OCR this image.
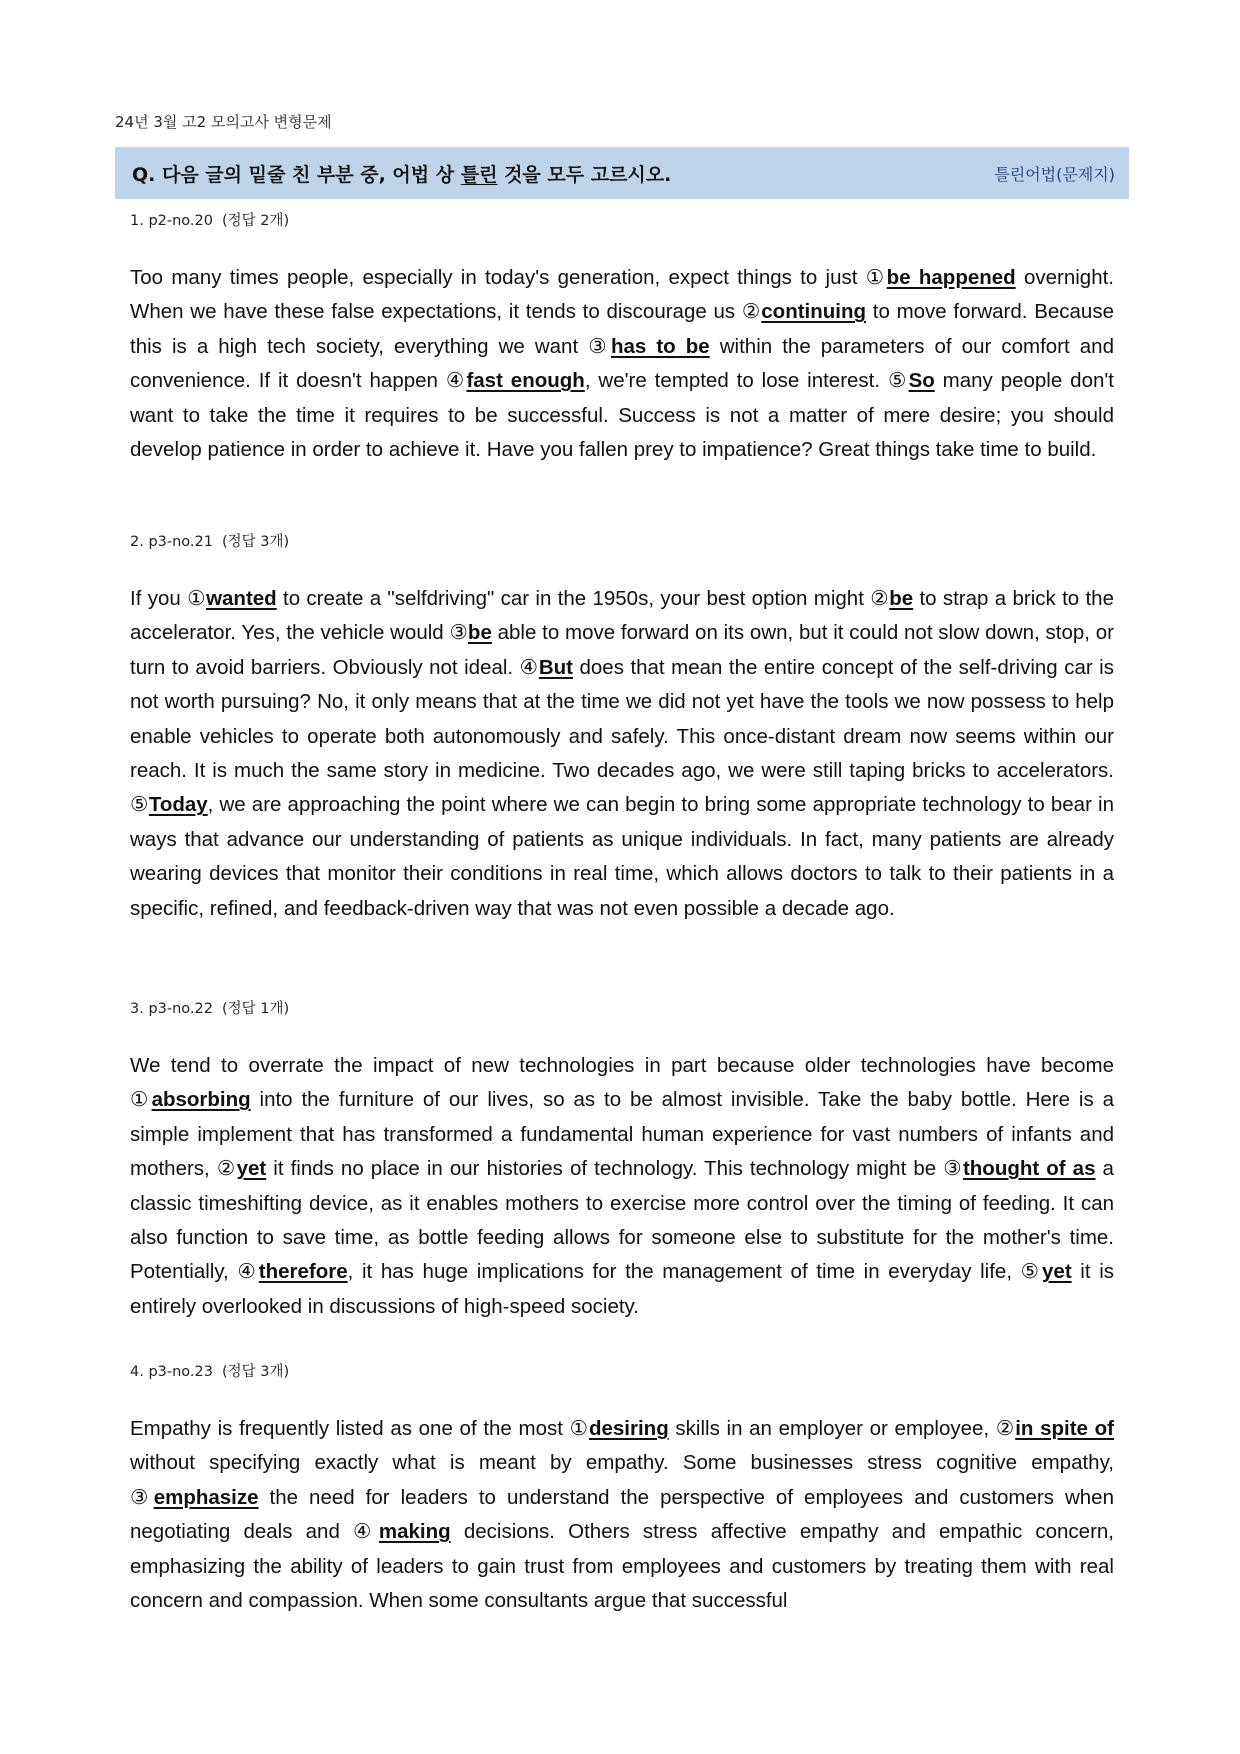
24년 3월 고2 모의고사 변형문제
Q. 다음 글의 밑줄 친 부분 중, 어법 상 틀린 것을 모두 고르시오.	틀린어법(문제지)
1. p2-no.20 (정답 2개)

Too many times people, especially in today's generation, expect things to just ①be happened overnight. When we have these false expectations, it tends to discourage us ②continuing to move forward. Because this is a high tech society, everything we want ③has to be within the parameters of our comfort and convenience. If it doesn't happen ④fast enough, we're tempted to lose interest. ⑤So many people don't want to take the time it requires to be successful. Success is not a matter of mere desire; you should develop patience in order to achieve it. Have you fallen prey to impatience? Great things take time to build.

2. p3-no.21 (정답 3개)

If you ①wanted to create a "selfdriving" car in the 1950s, your best option might ②be to strap a brick to the accelerator. Yes, the vehicle would ③be able to move forward on its own, but it could not slow down, stop, or turn to avoid barriers. Obviously not ideal. ④But does that mean the entire concept of the self-driving car is not worth pursuing? No, it only means that at the time we did not yet have the tools we now possess to help enable vehicles to operate both autonomously and safely. This once-distant dream now seems within our reach. It is much the same story in medicine. Two decades ago, we were still taping bricks to accelerators. ⑤Today, we are approaching the point where we can begin to bring some appropriate technology to bear in ways that advance our understanding of patients as unique individuals. In fact, many patients are already wearing devices that monitor their conditions in real time, which allows doctors to talk to their patients in a specific, refined, and feedback-driven way that was not even possible a decade ago.

3. p3-no.22 (정답 1개)

We tend to overrate the impact of new technologies in part because older technologies have become ①absorbing into the furniture of our lives, so as to be almost invisible. Take the baby bottle. Here is a simple implement that has transformed a fundamental human experience for vast numbers of infants and mothers, ②yet it finds no place in our histories of technology. This technology might be ③thought of as a classic timeshifting device, as it enables mothers to exercise more control over the timing of feeding. It can also function to save time, as bottle feeding allows for someone else to substitute for the mother's time. Potentially, ④therefore, it has huge implications for the management of time in everyday life, ⑤yet it is entirely overlooked in discussions of high-speed society.

4. p3-no.23 (정답 3개)

Empathy is frequently listed as one of the most ①desiring skills in an employer or employee, ②in spite of without specifying exactly what is meant by empathy. Some businesses stress cognitive empathy, ③emphasize the need for leaders to understand the perspective of employees and customers when negotiating deals and ④making decisions. Others stress affective empathy and empathic concern, emphasizing the ability of leaders to gain trust from employees and customers by treating them with real concern and compassion. When some consultants argue that successful
